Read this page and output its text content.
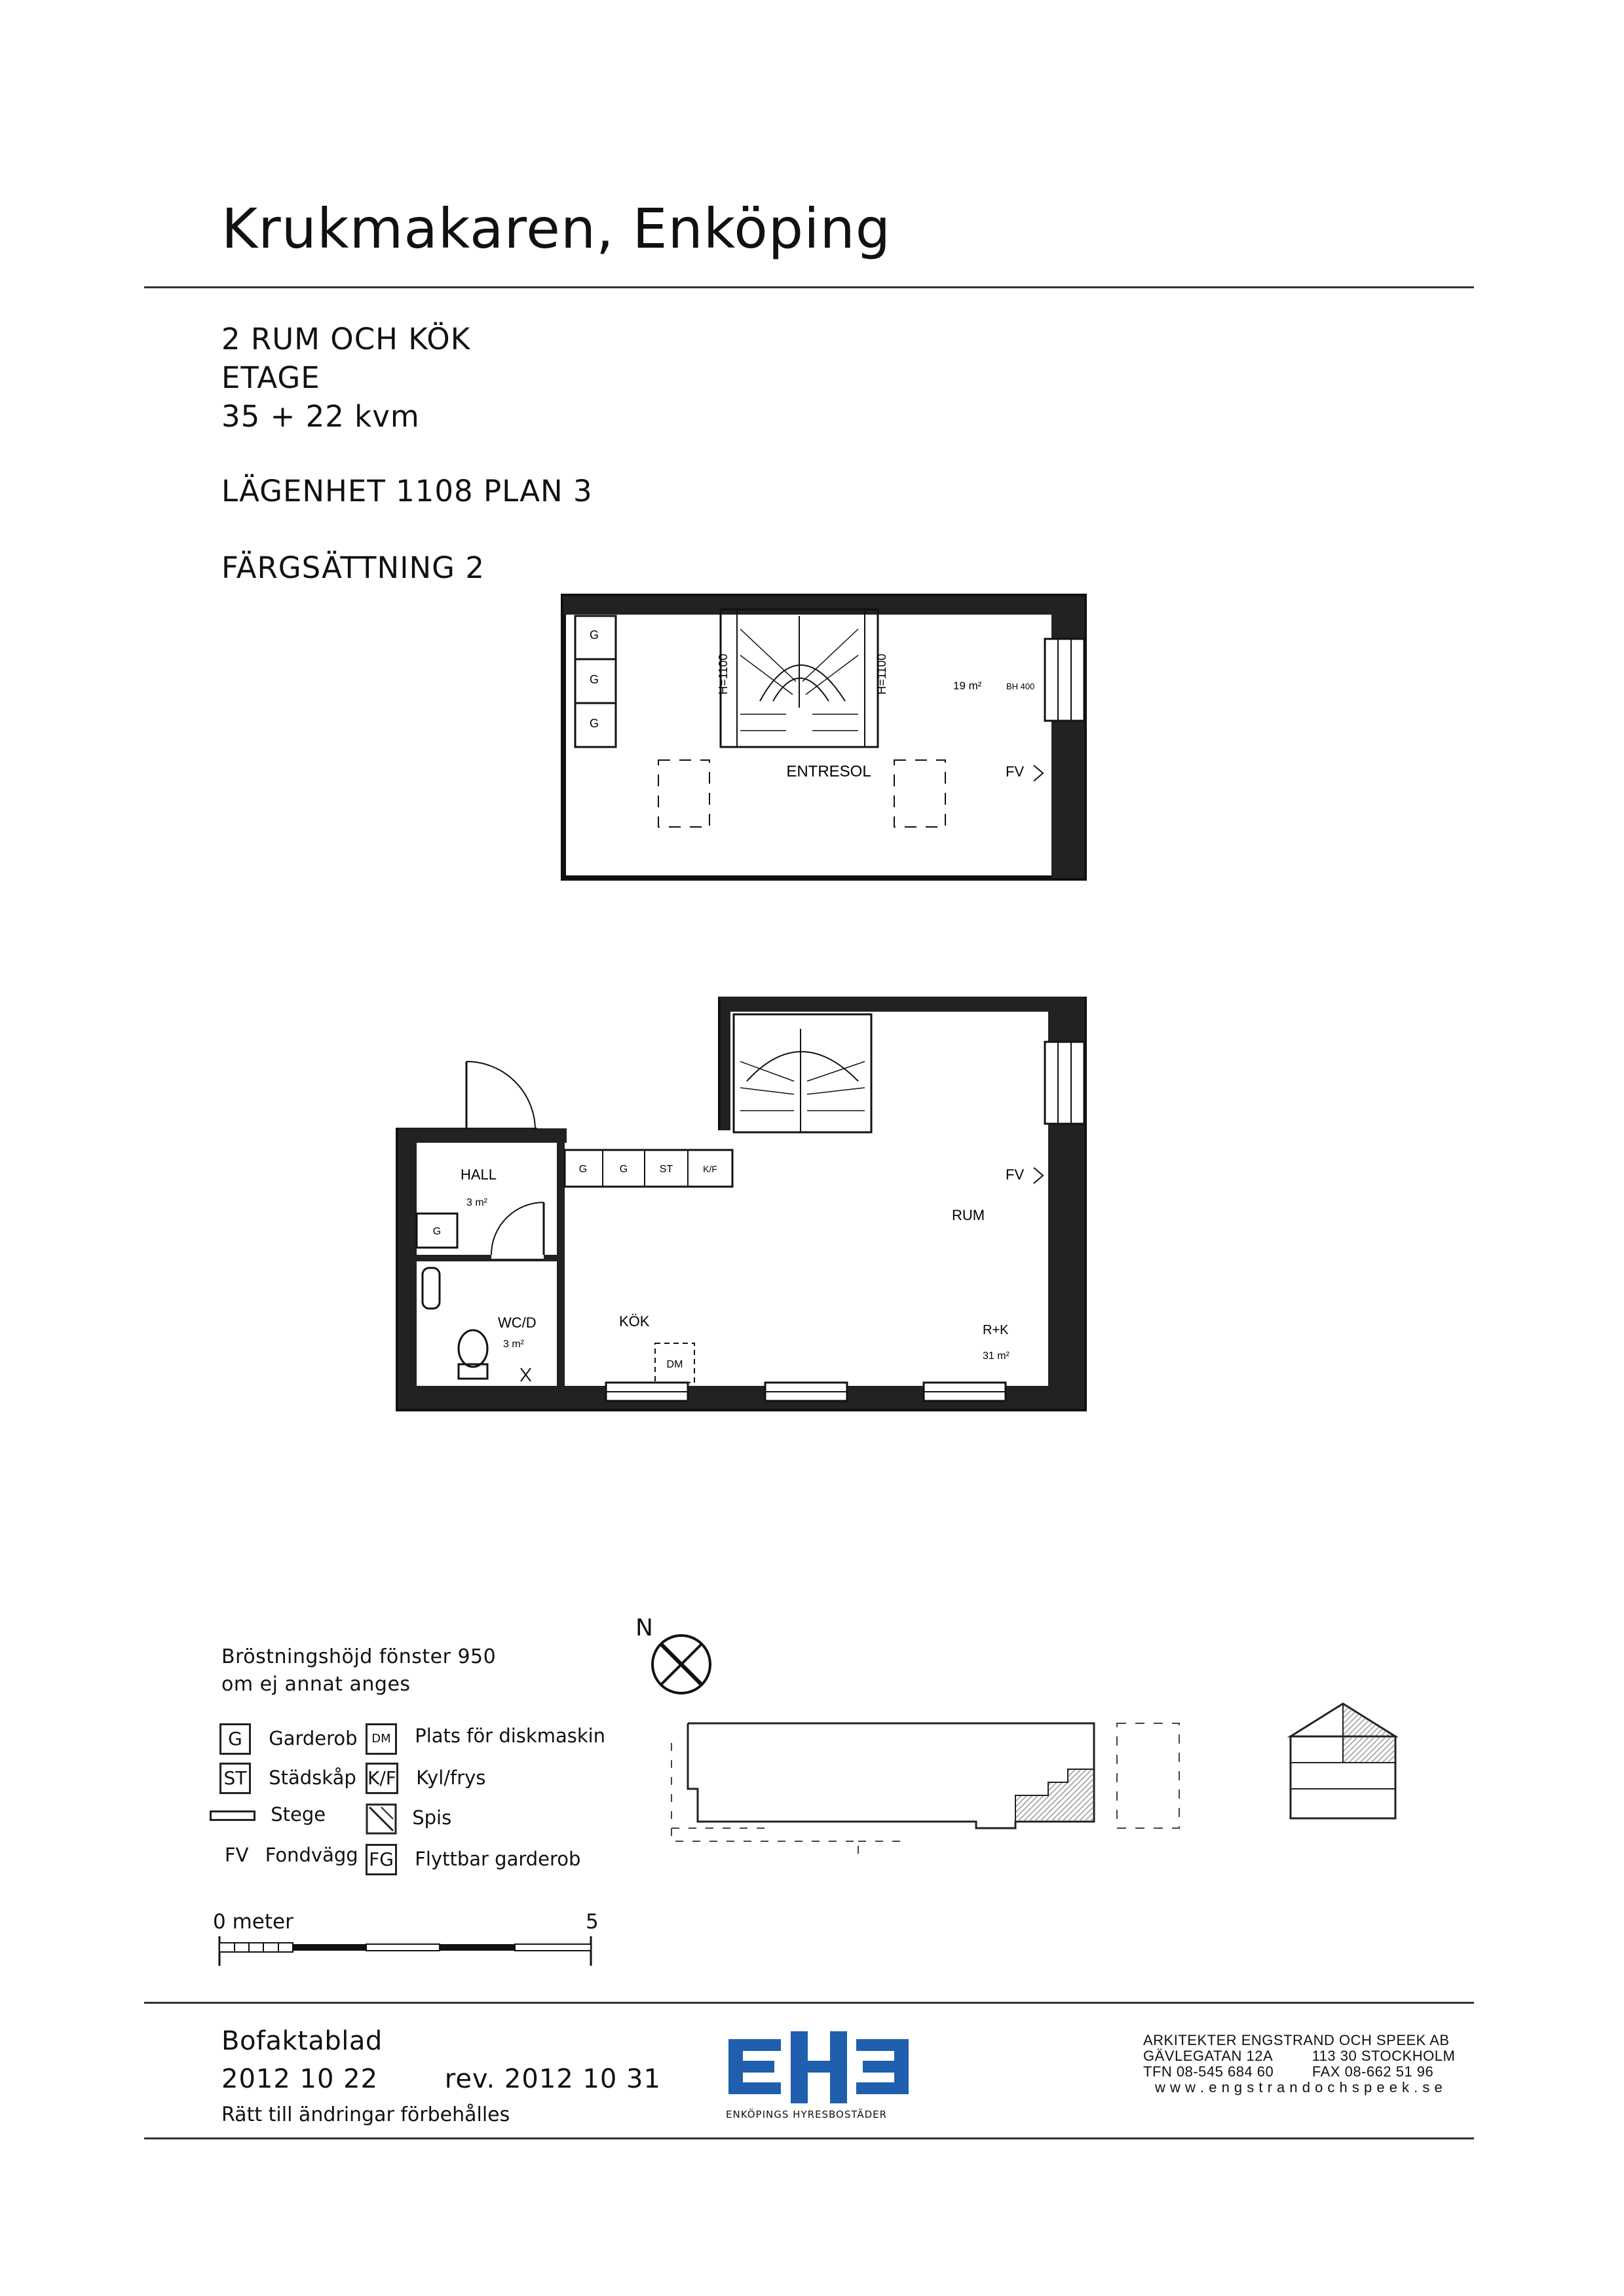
Krukmakaren, Enköping
2 RUM OCH KÖK
ETAGE
35 + 22 kvm
LÄGENHET 1108 PLAN 3
FÄRGSÄTTNING 2
G
G
G
H=1100	H=1100	19 m²	BH 400
ENTRESOL	FV
FV
HALL
3 m²
G
G	G	ST	K/F
RUM
WC/D
3 m²
KÖK
DM
R+K
31 m²
Bröstningshöjd fönster 950
om ej annat anges
N
G Garderob
ST Städskåp
Stege
FV Fondvägg
DM Plats för diskmaskin
K/F Kyl/frys
Spis
FG Flyttbar garderob
0 meter	5
Bofaktablad
2012 10 22	rev. 2012 10 31
Rätt till ändringar förbehålles	ENKÖPINGS HYRESBOSTÄDER
ARKITEKTER ENGSTRAND OCH SPEEK AB
GÄVLEGATAN 12A	113 30 STOCKHOLM
TFN 08-545 684 60	FAX 08-662 51 96
w w w . e n g s t r a n d o c h s p e e k . s e
